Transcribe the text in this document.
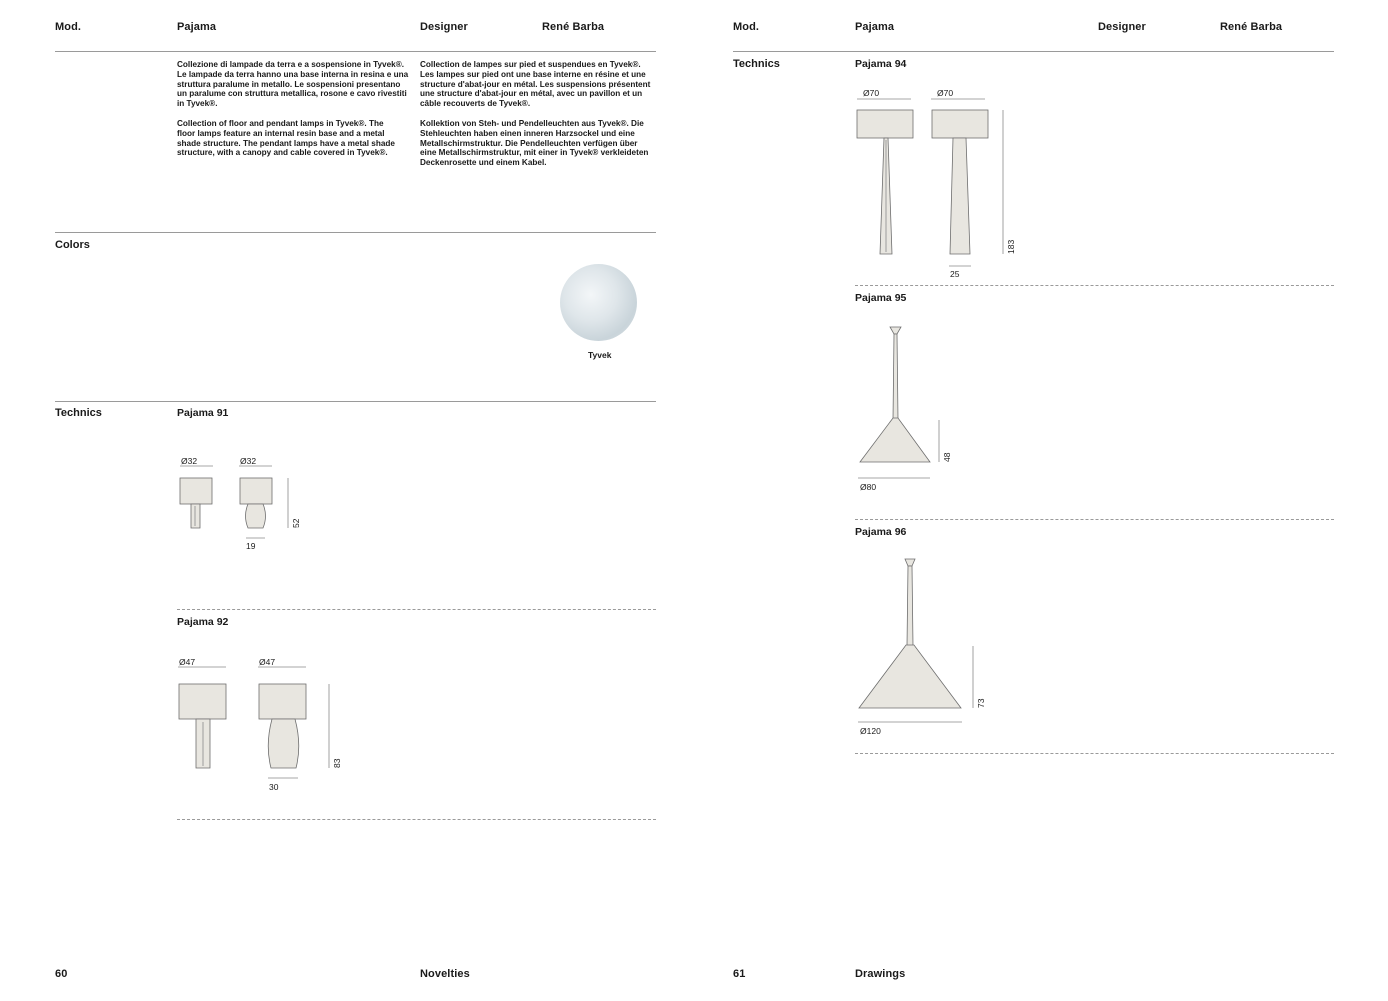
Mod.	Pajama	Designer	René Barba
Collezione di lampade da terra e a sospensione in Tyvek®.
Le lampade da terra hanno una base interna in resina e una
struttura paralume in metallo. Le sospensioni presentano
un paralume con struttura metallica, rosone e cavo rivestiti
in Tyvek®.
Collection of floor and pendant lamps in Tyvek®. The
floor lamps feature an internal resin base and a metal
shade structure. The pendant lamps have a metal shade
structure, with a canopy and cable covered in Tyvek®.
Collection de lampes sur pied et suspendues en Tyvek®.
Les lampes sur pied ont une base interne en résine et une
structure d'abat-jour en métal. Les suspensions présentent
une structure d'abat-jour en métal, avec un pavillon et un
câble recouverts de Tyvek®.
Kollektion von Steh- und Pendelleuchten aus Tyvek®. Die
Stehleuchten haben einen inneren Harzsockel und eine
Metallschirmstruktur. Die Pendelleuchten verfügen über
eine Metallschirmstruktur, mit einer in Tyvek® verkleideten
Deckenrosette und einem Kabel.
Colors
Tyvek
Technics	Pajama 91
Ø32	Ø32
19
52
Pajama 92
Ø47	Ø47
30
83
60	Novelties
Mod.	Pajama	Designer	René Barba
Technics	Pajama 94
Ø70	Ø70
25
183
Pajama 95
Ø80
48
Pajama 96
Ø120
73
61	Drawings
